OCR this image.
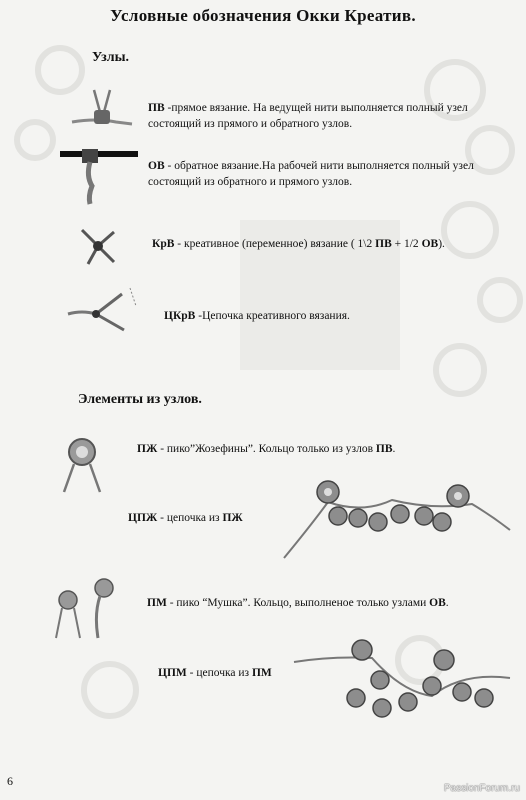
Условные обозначения Окки Креатив.
Узлы.
ПВ -прямое вязание. На ведущей нити выполняется полный узел состоящий из прямого и обратного узлов.
ОВ - обратное вязание.На рабочей нити выполняется полный узел состоящий из обратного и прямого узлов.
КрВ - креативное (переменное) вязание ( 1\2 ПВ + 1/2 ОВ).
ЦКрВ -Цепочка креативного вязания.
Элементы из узлов.
ПЖ - пико”Жозефины”. Кольцо только из узлов ПВ.
ЦПЖ - цепочка из ПЖ
ПМ - пико “Мушка”. Кольцо, выполненое только узлами ОВ.
ЦПМ - цепочка из ПМ
6
PassionForum.ru
